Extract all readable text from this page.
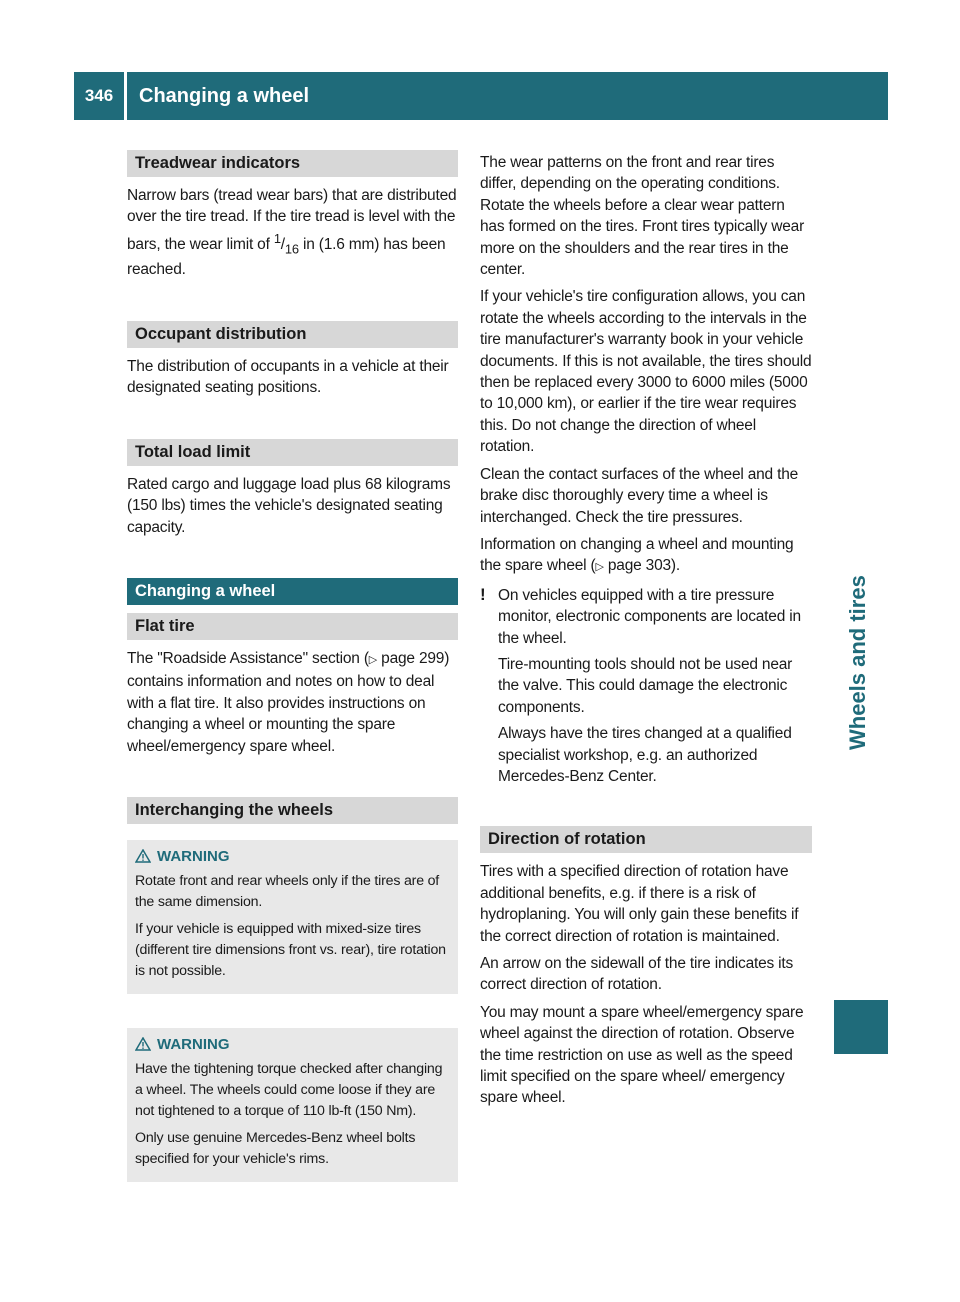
346	Changing a wheel
Wheels and tires
Treadwear indicators

Narrow bars (tread wear bars) that are distributed over the tire tread. If the tire tread is level with the bars, the wear limit of $^1/_{16}$ in (1.6 mm) has been reached.

Occupant distribution

The distribution of occupants in a vehicle at their designated seating positions.

Total load limit

Rated cargo and luggage load plus 68 kilograms (150 lbs) times the vehicle's designated seating capacity.

Changing a wheel
Flat tire

The "Roadside Assistance" section (▷ page 299) contains information and notes on how to deal with a flat tire. It also provides instructions on changing a wheel or mounting the spare wheel/emergency spare wheel.

Interchanging the wheels
WARNING

Rotate front and rear wheels only if the tires are of the same dimension.

If your vehicle is equipped with mixed-size tires (different tire dimensions front vs. rear), tire rotation is not possible.

WARNING

Have the tightening torque checked after changing a wheel. The wheels could come loose if they are not tightened to a torque of 110 lb-ft (150 Nm).

Only use genuine Mercedes-Benz wheel bolts specified for your vehicle's rims.

The wear patterns on the front and rear tires differ, depending on the operating conditions. Rotate the wheels before a clear wear pattern has formed on the tires. Front tires typically wear more on the shoulders and the rear tires in the center.

If your vehicle's tire configuration allows, you can rotate the wheels according to the intervals in the tire manufacturer's warranty book in your vehicle documents. If this is not available, the tires should then be replaced every 3000 to 6000 miles (5000 to 10,000 km), or earlier if the tire wear requires this. Do not change the direction of wheel rotation.

Clean the contact surfaces of the wheel and the brake disc thoroughly every time a wheel is interchanged. Check the tire pressures.

Information on changing a wheel and mounting the spare wheel (▷ page 303).

! On vehicles equipped with a tire pressure monitor, electronic components are located in the wheel.

Tire-mounting tools should not be used near the valve. This could damage the electronic components.

Always have the tires changed at a qualified specialist workshop, e.g. an authorized Mercedes-Benz Center.

Direction of rotation

Tires with a specified direction of rotation have additional benefits, e.g. if there is a risk of hydroplaning. You will only gain these benefits if the correct direction of rotation is maintained.

An arrow on the sidewall of the tire indicates its correct direction of rotation.

You may mount a spare wheel/emergency spare wheel against the direction of rotation. Observe the time restriction on use as well as the speed limit specified on the spare wheel/ emergency spare wheel.
